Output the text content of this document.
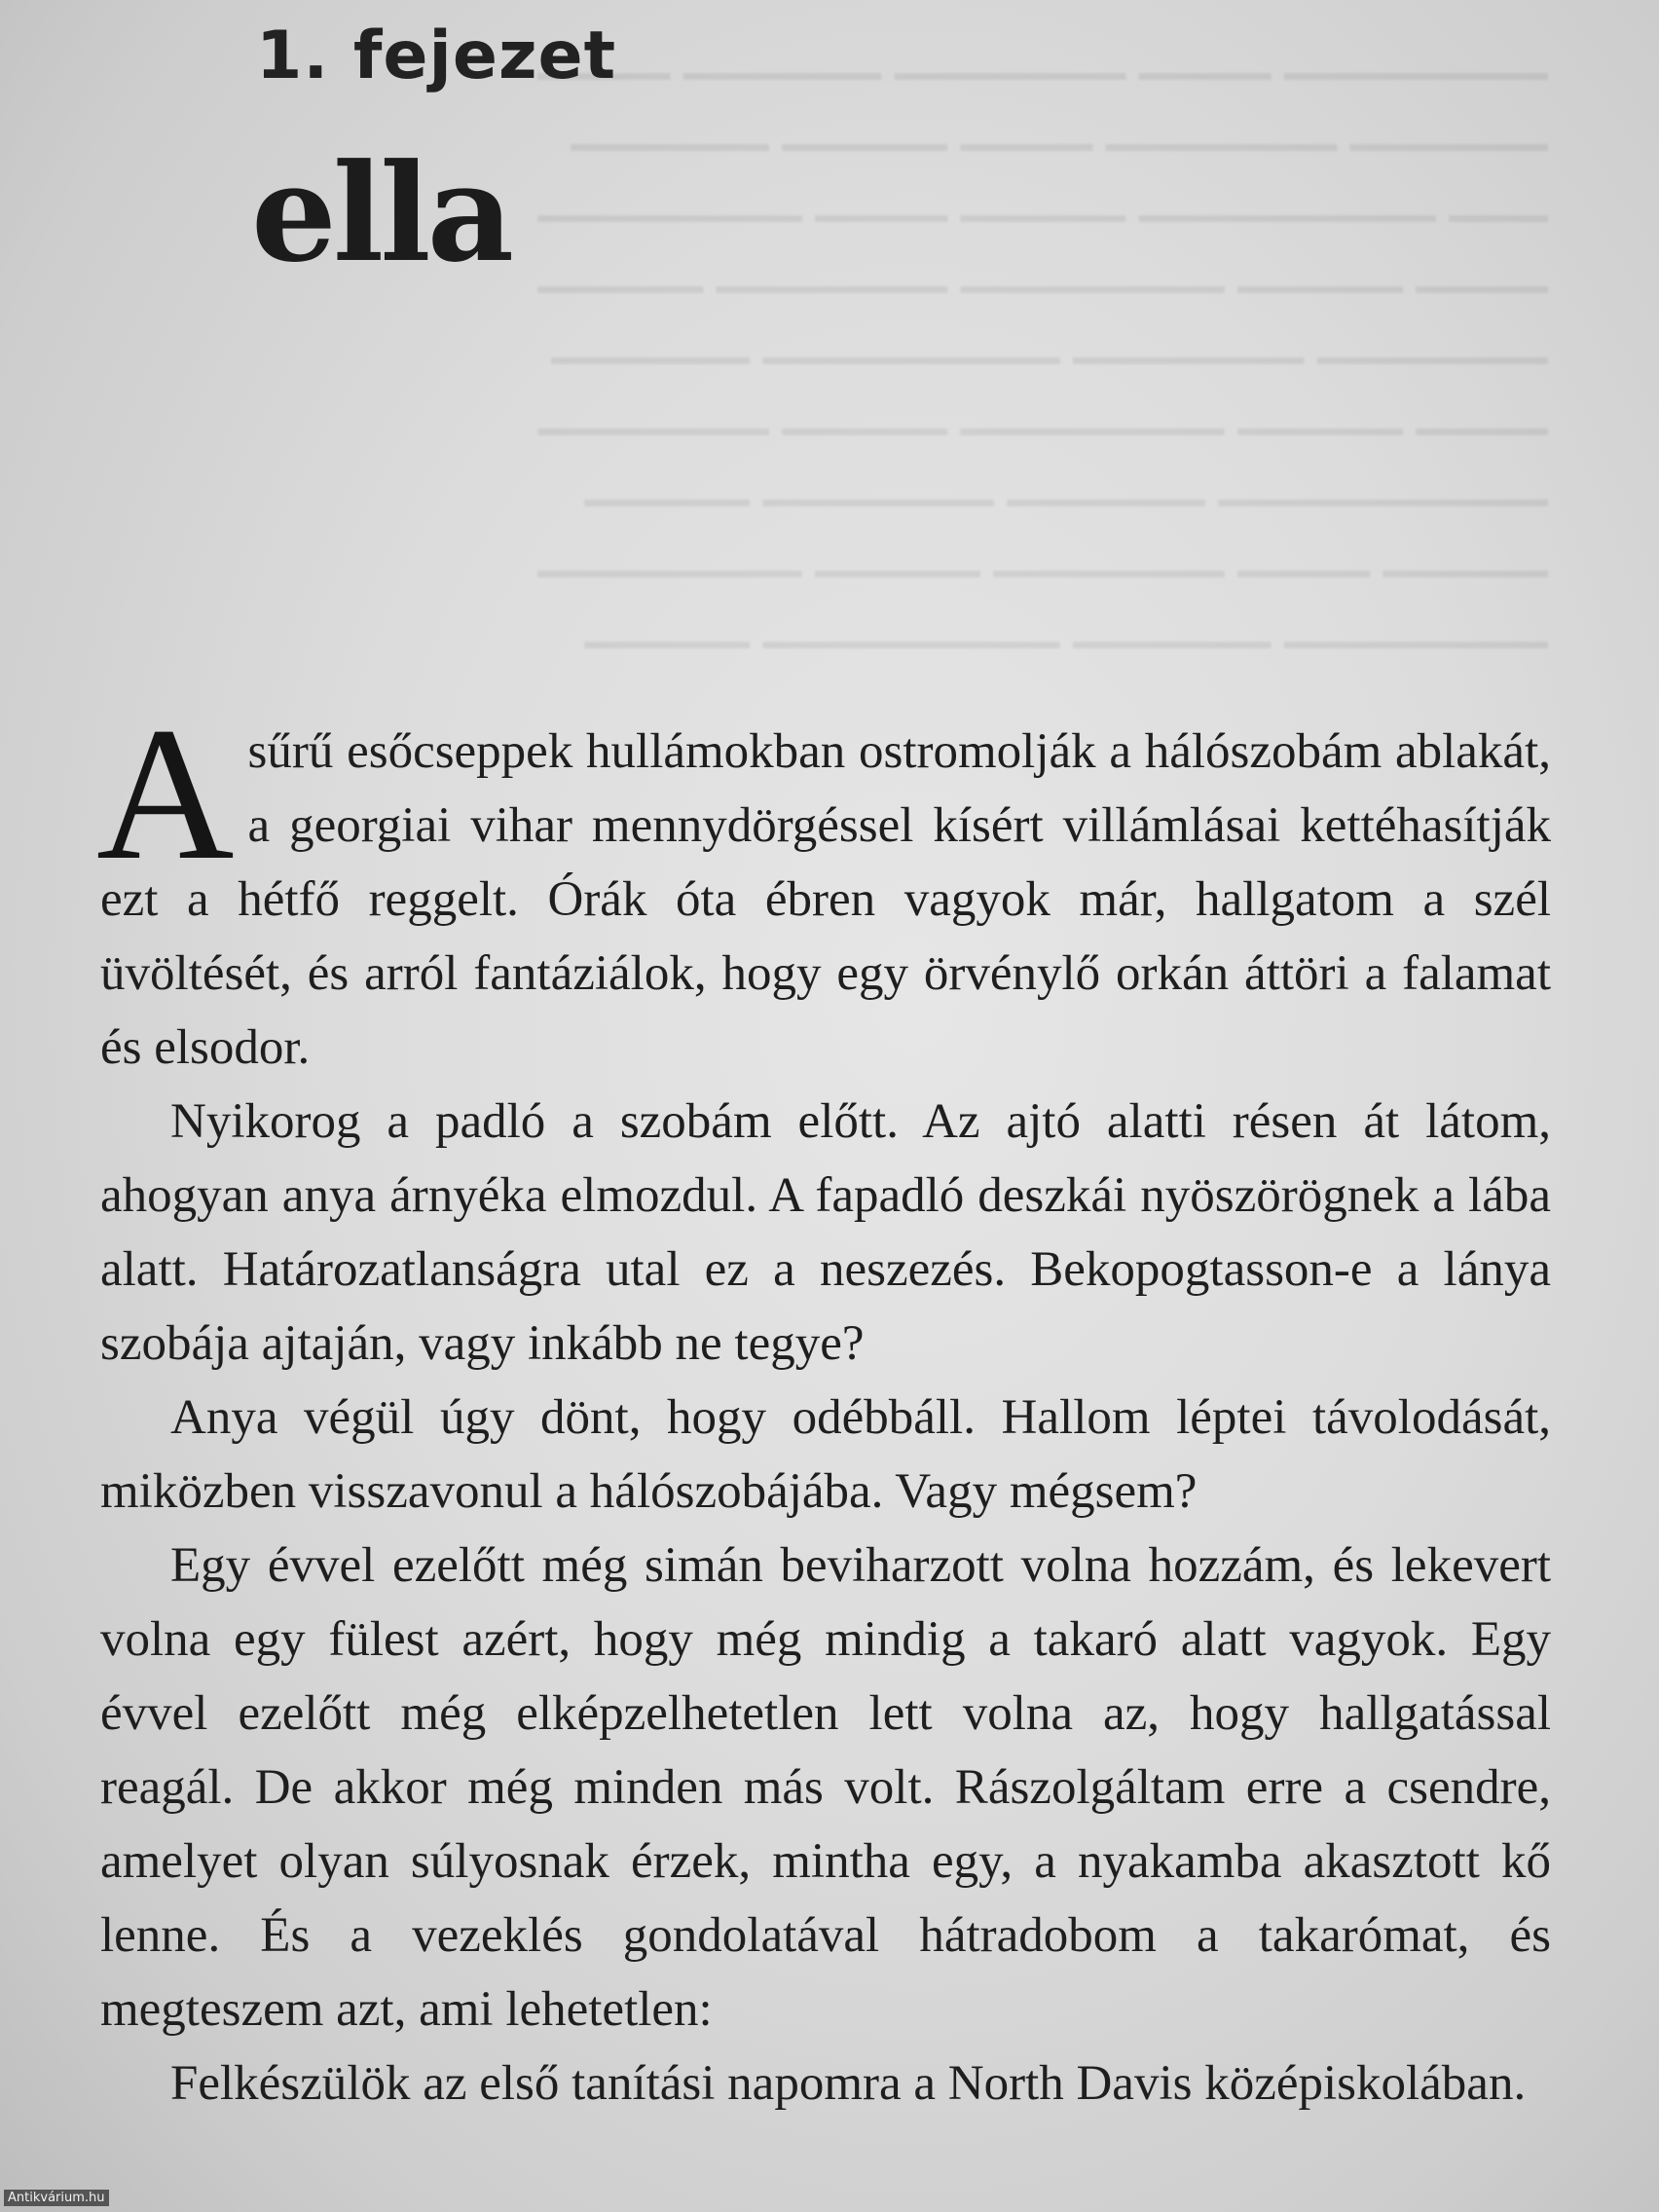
▁▁▁▁ ▁▁▁▁▁▁ ▁▁▁▁▁▁▁ ▁▁▁▁ ▁▁▁▁▁▁▁▁
▁▁▁▁▁▁ ▁▁▁▁▁ ▁▁▁▁ ▁▁▁▁▁▁▁ ▁▁▁▁▁▁
▁▁▁▁▁▁▁▁ ▁▁▁▁ ▁▁▁▁▁ ▁▁▁▁▁▁▁▁▁ ▁▁▁
▁▁▁▁▁ ▁▁▁▁▁▁▁ ▁▁▁▁▁▁▁▁ ▁▁▁▁▁ ▁▁▁▁
▁▁▁▁▁▁ ▁▁▁▁▁▁▁▁▁ ▁▁▁▁▁▁▁ ▁▁▁▁▁▁▁
▁▁▁▁▁▁▁ ▁▁▁▁▁ ▁▁▁▁▁▁▁▁ ▁▁▁▁▁ ▁▁▁▁
▁▁▁▁▁ ▁▁▁▁▁▁▁ ▁▁▁▁▁▁ ▁▁▁▁▁▁▁▁▁▁
▁▁▁▁▁▁▁▁ ▁▁▁▁▁ ▁▁▁▁▁▁▁ ▁▁▁▁ ▁▁▁▁▁
▁▁▁▁▁ ▁▁▁▁▁▁▁▁▁ ▁▁▁▁▁▁ ▁▁▁▁▁▁▁▁
1. fejezet
ella

Asűrű esőcseppek hullámokban ostromolják a hálószobám ablakát, a georgiai vihar mennydörgéssel kísért villámlásai kettéhasítják ezt a hétfő reggelt. Órák óta ébren vagyok már, hallgatom a szél üvöltését, és arról fantáziálok, hogy egy örvénylő orkán áttöri a falamat és elsodor.

Nyikorog a padló a szobám előtt. Az ajtó alatti résen át látom, ahogyan anya árnyéka elmozdul. A fapadló deszkái nyöszörögnek a lába alatt. Határozatlanságra utal ez a neszezés. Bekopogtasson-e a lánya szobája ajtaján, vagy inkább ne tegye?

Anya végül úgy dönt, hogy odébbáll. Hallom léptei távolodását, miközben visszavonul a hálószobájába. Vagy mégsem?

Egy évvel ezelőtt még simán beviharzott volna hozzám, és lekevert volna egy fülest azért, hogy még mindig a takaró alatt vagyok. Egy évvel ezelőtt még elképzelhetetlen lett volna az, hogy hallgatással reagál. De akkor még minden más volt. Rászolgáltam erre a csendre, amelyet olyan súlyosnak érzek, mintha egy, a nyakamba akasztott kő lenne. És a vezeklés gondolatával hátradobom a takarómat, és megteszem azt, ami lehetetlen:

Felkészülök az első tanítási napomra a North Davis középiskolában.

Antikvárium.hu
